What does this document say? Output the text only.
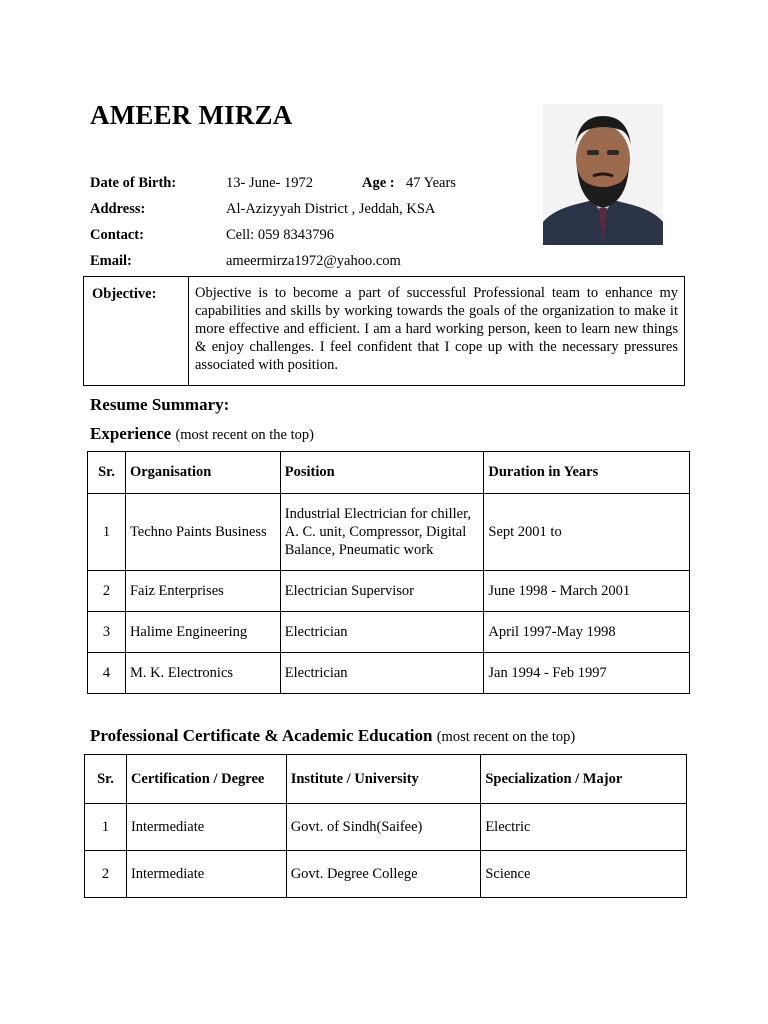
AMEER MIRZA
Date of Birth:	13- June- 1972	Age : 47 Years
Address:	Al-Azizyyah District , Jeddah, KSA
Contact:	Cell: 059 8343796
Email:	ameermirza1972@yahoo.com
Objective:	Objective is to become a part of successful Professional team to enhance my capabilities and skills by working towards the goals of the organization to make it more effective and efficient. I am a hard working person, keen to learn new things & enjoy challenges. I feel confident that I cope up with the necessary pressures associated with position.
Resume Summary:
Experience (most recent on the top)
Sr.	Organisation	Position	Duration in Years
1	Techno Paints Business	Industrial Electrician for chiller, A. C. unit, Compressor, Digital Balance, Pneumatic work	Sept 2001 to
2	Faiz Enterprises	Electrician Supervisor	June 1998 - March 2001
3	Halime Engineering	Electrician	April 1997-May 1998
4	M. K. Electronics	Electrician	Jan 1994 - Feb 1997
Professional Certificate & Academic Education (most recent on the top)
Sr.	Certification / Degree	Institute / University	Specialization / Major
1	Intermediate	Govt. of Sindh(Saifee)	Electric
2	Intermediate	Govt. Degree College	Science
